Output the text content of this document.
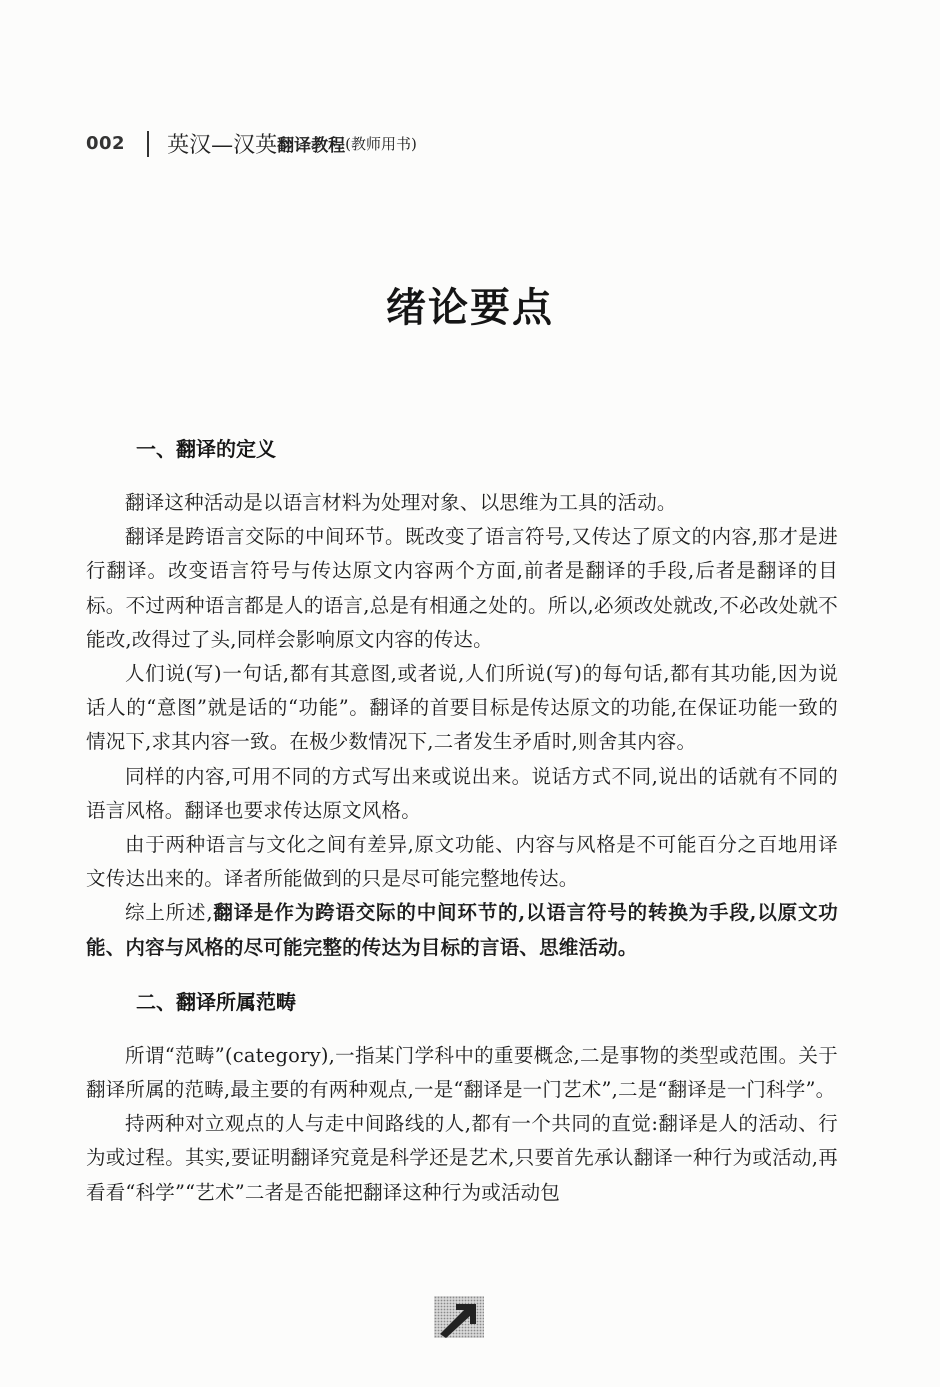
002 英汉—汉英 翻译教程 (教师用书)
绪论要点
一、翻译的定义

翻译这种活动是以语言材料为处理对象、以思维为工具的活动。

翻译是跨语言交际的中间环节。既改变了语言符号,又传达了原文的内容,那才是进行翻译。改变语言符号与传达原文内容两个方面,前者是翻译的手段,后者是翻译的目标。不过两种语言都是人的语言,总是有相通之处的。所以,必须改处就改,不必改处就不能改,改得过了头,同样会影响原文内容的传达。

人们说(写)一句话,都有其意图,或者说,人们所说(写)的每句话,都有其功能,因为说话人的“意图”就是话的“功能”。翻译的首要目标是传达原文的功能,在保证功能一致的情况下,求其内容一致。在极少数情况下,二者发生矛盾时,则舍其内容。

同样的内容,可用不同的方式写出来或说出来。说话方式不同,说出的话就有不同的语言风格。翻译也要求传达原文风格。

由于两种语言与文化之间有差异,原文功能、内容与风格是不可能百分之百地用译文传达出来的。译者所能做到的只是尽可能完整地传达。

综上所述,翻译是作为跨语交际的中间环节的,以语言符号的转换为手段,以原文功能、内容与风格的尽可能完整的传达为目标的言语、思维活动。

二、翻译所属范畴

所谓“范畴”(category),一指某门学科中的重要概念,二是事物的类型或范围。关于翻译所属的范畴,最主要的有两种观点,一是“翻译是一门艺术”,二是“翻译是一门科学”。

持两种对立观点的人与走中间路线的人,都有一个共同的直觉:翻译是人的活动、行为或过程。其实,要证明翻译究竟是科学还是艺术,只要首先承认翻译一种行为或活动,再看看“科学”“艺术”二者是否能把翻译这种行为或活动包
